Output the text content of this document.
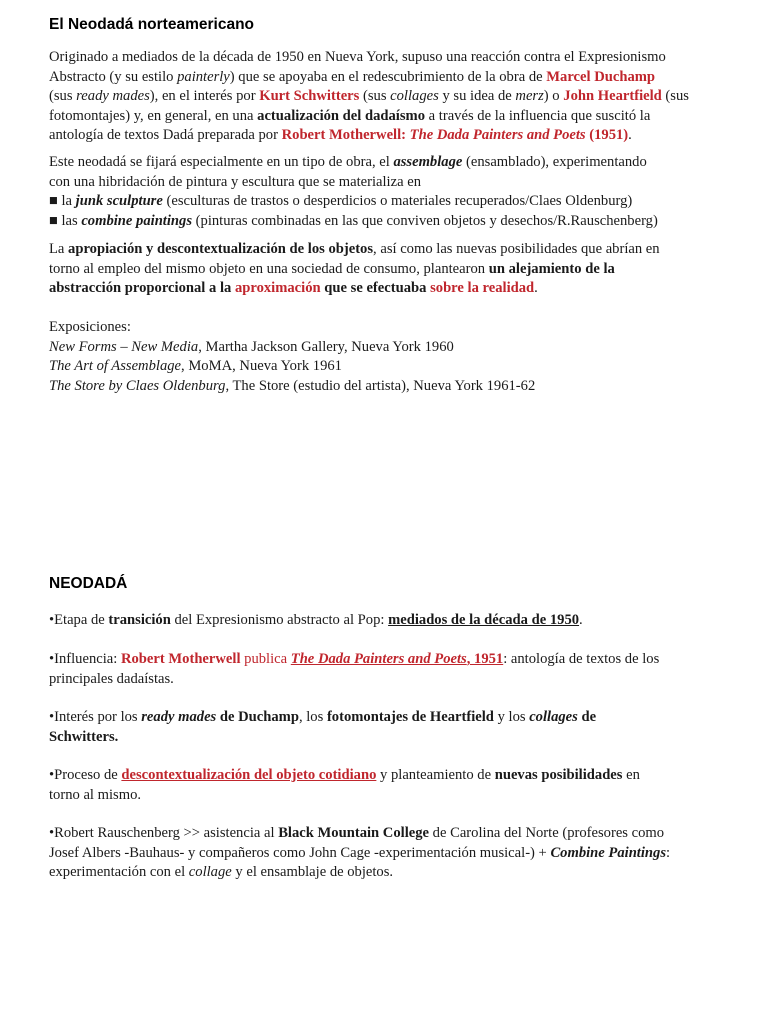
El Neodadá norteamericano
Originado a mediados de la década de 1950 en Nueva York, supuso una reacción contra el Expresionismo
Abstracto (y su estilo painterly) que se apoyaba en el redescubrimiento de la obra de Marcel Duchamp
(sus ready mades), en el interés por Kurt Schwitters (sus collages y su idea de merz) o John Heartfield (sus
fotomontajes) y, en general, en una actualización del dadaísmo a través de la influencia que suscitó la
antología de textos Dadá preparada por Robert Motherwell: The Dada Painters and Poets (1951).
Este neodadá se fijará especialmente en un tipo de obra, el assemblage (ensamblado), experimentando
con una hibridación de pintura y escultura que se materializa en
■ la junk sculpture (esculturas de trastos o desperdicios o materiales recuperados/Claes Oldenburg)
■ las combine paintings (pinturas combinadas en las que conviven objetos y desechos/R.Rauschenberg)
La apropiación y descontextualización de los objetos, así como las nuevas posibilidades que abrían en
torno al empleo del mismo objeto en una sociedad de consumo, plantearon un alejamiento de la
abstracción proporcional a la aproximación que se efectuaba sobre la realidad.
Exposiciones:
New Forms – New Media, Martha Jackson Gallery, Nueva York 1960
The Art of Assemblage, MoMA, Nueva York 1961
The Store by Claes Oldenburg, The Store (estudio del artista), Nueva York 1961-62
NEODADÁ
•Etapa de transición del Expresionismo abstracto al Pop: mediados de la década de 1950.
•Influencia: Robert Motherwell publica The Dada Painters and Poets, 1951: antología de textos de los
principales dadaístas.
•Interés por los ready mades de Duchamp, los fotomontajes de Heartfield y los collages de
Schwitters.
•Proceso de descontextualización del objeto cotidiano y planteamiento de nuevas posibilidades en
torno al mismo.
•Robert Rauschenberg >> asistencia al Black Mountain College de Carolina del Norte (profesores como
Josef Albers -Bauhaus- y compañeros como John Cage -experimentación musical-) + Combine Paintings:
experimentación con el collage y el ensamblaje de objetos.
